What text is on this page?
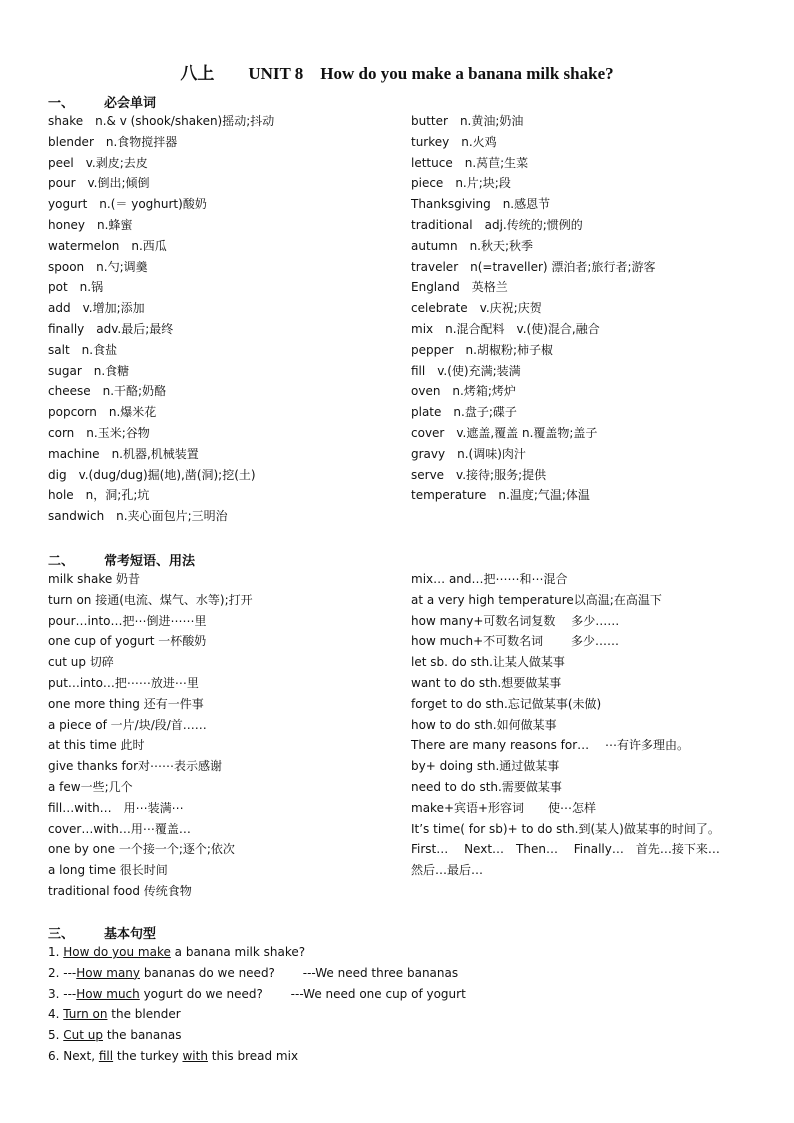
八上 UNIT 8　How do you make a banana milk shake?
一、 必会单词
shake　n.& v (shook/shaken)摇动;抖动
blender　n.食物搅拌器
peel　v.剥皮;去皮
pour　v.倒出;倾倒
yogurt　n.(＝ yoghurt)酸奶
honey　n.蜂蜜
watermelon　n.西瓜
spoon　n.勺;调羹
pot　n.锅
add　v.增加;添加
finally　adv.最后;最终
salt　n.食盐
sugar　n.食糖
cheese　n.干酪;奶酪
popcorn　n.爆米花
corn　n.玉米;谷物
machine　n.机器,机械装置
dig　v.(dug/dug)掘(地),凿(洞);挖(土)
hole　n，洞;孔;坑
sandwich　n.夹心面包片;三明治
butter　n.黄油;奶油
turkey　n.火鸡
lettuce　n.莴苣;生菜
piece　n.片;块;段
Thanksgiving　n.感恩节
traditional　adj.传统的;惯例的
autumn　n.秋天;秋季
traveler　n(=traveller) 漂泊者;旅行者;游客
England　英格兰
celebrate　v.庆祝;庆贺
mix　n.混合配料　v.(使)混合,融合
pepper　n.胡椒粉;柿子椒
fill　v.(使)充满;装满
oven　n.烤箱;烤炉
plate　n.盘子;碟子
cover　v.遮盖,覆盖 n.覆盖物;盖子
gravy　n.(调味)肉汁
serve　v.接待;服务;提供
temperature　n.温度;气温;体温
二、 常考短语、用法
milk shake 奶昔
turn on 接通(电流、煤气、水等);打开
pour…into…把⋯倒进⋯⋯里
one cup of yogurt 一杯酸奶
cut up 切碎
put…into…把⋯⋯放进⋯里
one more thing 还有一件事
a piece of 一片/块/段/首……
at this time 此时
give thanks for对⋯⋯表示感谢
a few一些;几个
fill…with…　用⋯装满⋯
cover…with…用⋯覆盖…
one by one 一个接一个;逐个;依次
a long time 很长时间
traditional food 传统食物
mix… and…把⋯⋯和⋯混合
at a very high temperature以高温;在高温下
how many+可数名词复数　 多少……
how much+不可数名词　　 多少……
let sb. do sth.让某人做某事
want to do sth.想要做某事
forget to do sth.忘记做某事(未做)
how to do sth.如何做某事
There are many reasons for…　 ⋯有许多理由。
by+ doing sth.通过做某事
need to do sth.需要做某事
make+宾语+形容词　　使⋯怎样
It’s time( for sb)+ to do sth.到(某人)做某事的时间了。
First…　 Next…　Then…　 Finally…　首先…接下来…
然后…最后…
三、 基本句型
1. How do you make a banana milk shake?
2. ---How many bananas do we need?　　 ---We need three bananas
3. ---How much yogurt do we need?　　 ---We need one cup of yogurt
4. Turn on the blender
5. Cut up the bananas
6. Next, fill the turkey with this bread mix
